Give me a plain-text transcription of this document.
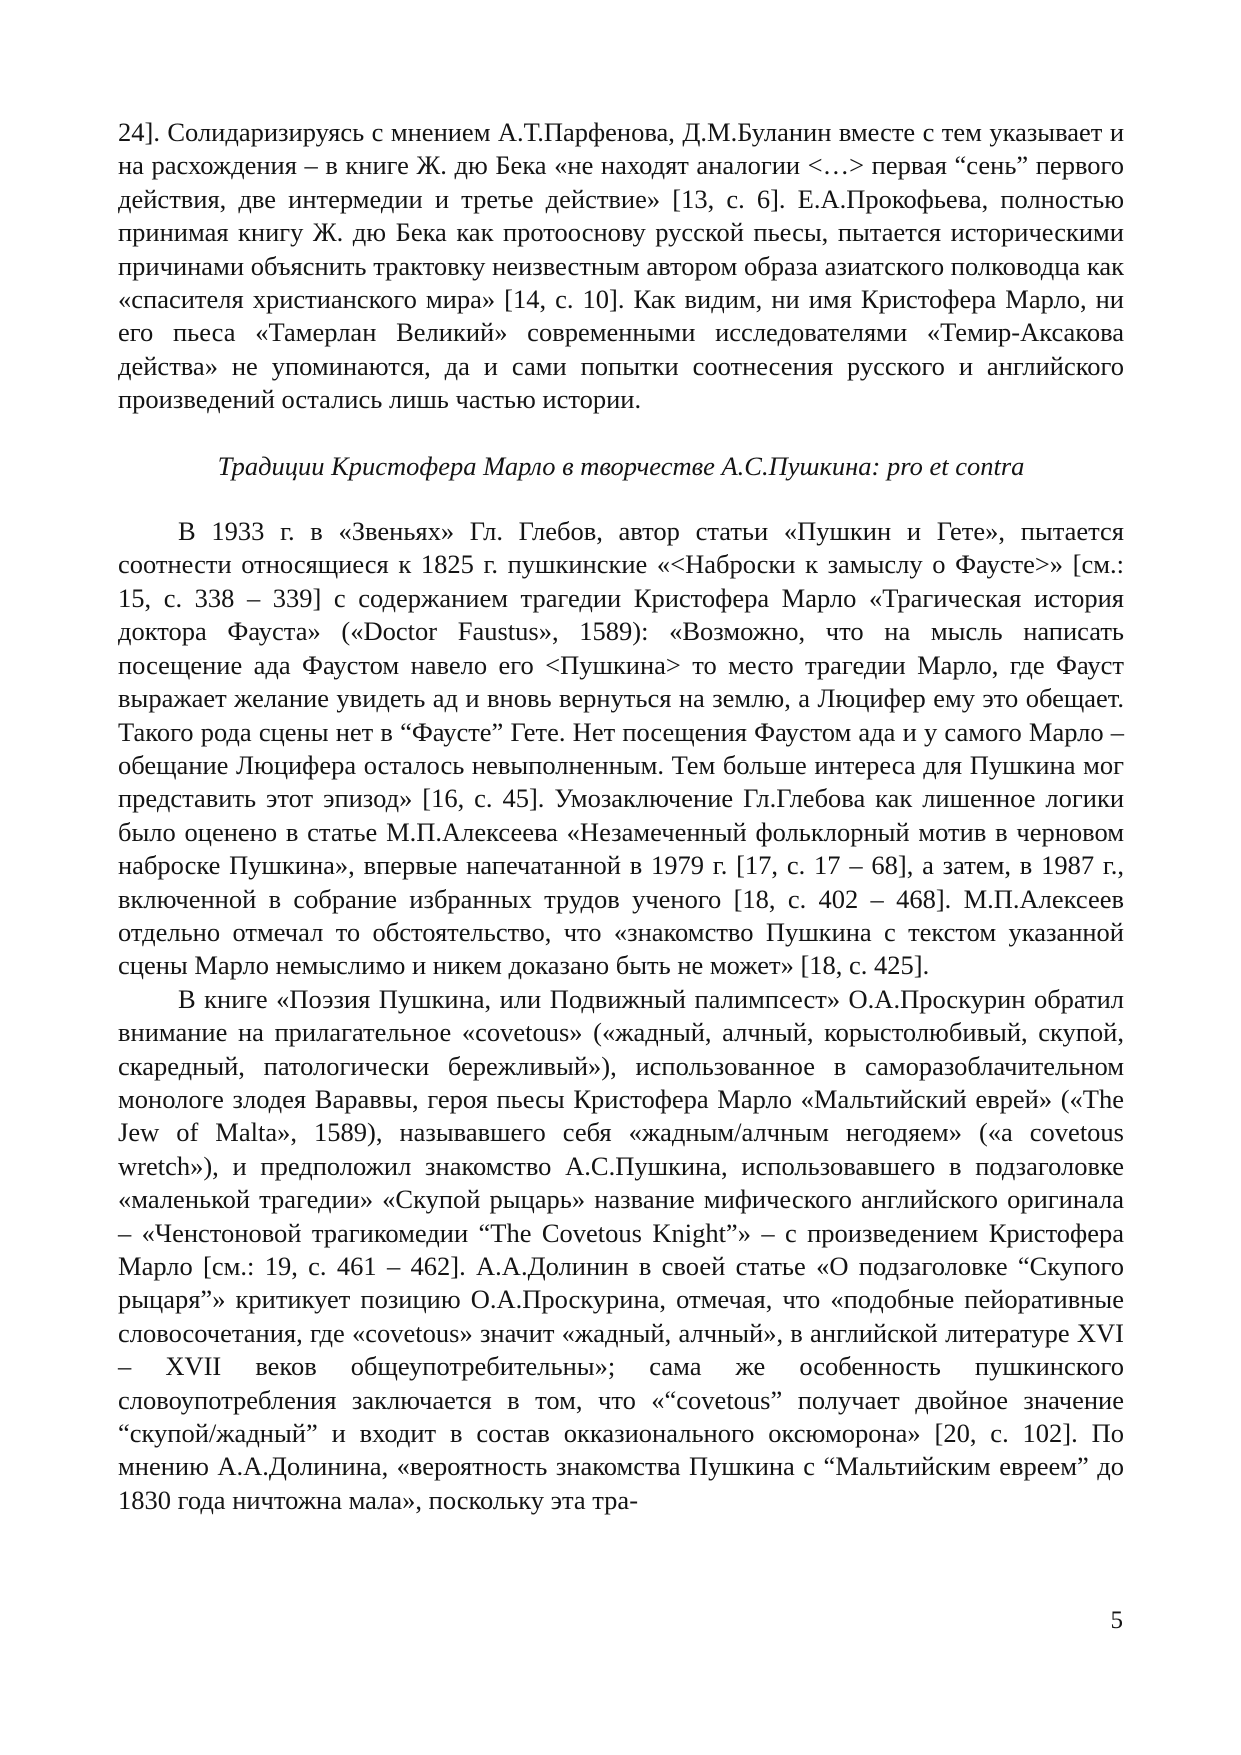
24]. Солидаризируясь с мнением А.Т.Парфенова, Д.М.Буланин вместе с тем указывает и на расхождения – в книге Ж. дю Бека «не находят аналогии <…> первая “сень” первого действия, две интермедии и третье действие» [13, с. 6]. Е.А.Прокофьева, полностью принимая книгу Ж. дю Бека как протооснову русской пьесы, пытается историческими причинами объяснить трактовку неизвестным автором образа азиатского полководца как «спасителя христианского мира» [14, с. 10]. Как видим, ни имя Кристофера Марло, ни его пьеса «Тамерлан Великий» современными исследователями «Темир-Аксакова действа» не упоминаются, да и сами попытки соотнесения русского и английского произведений остались лишь частью истории.

Традиции Кристофера Марло в творчестве А.С.Пушкина: pro et contra

В 1933 г. в «Звеньях» Гл. Глебов, автор статьи «Пушкин и Гете», пытается соотнести относящиеся к 1825 г. пушкинские «<Наброски к замыслу о Фаусте>» [см.: 15, с. 338 – 339] с содержанием трагедии Кристофера Марло «Трагическая история доктора Фауста» («Doctor Faustus», 1589): «Возможно, что на мысль написать посещение ада Фаустом навело его <Пушкина> то место трагедии Марло, где Фауст выражает желание увидеть ад и вновь вернуться на землю, а Люцифер ему это обещает. Такого рода сцены нет в “Фаусте” Гете. Нет посещения Фаустом ада и у самого Марло – обещание Люцифера осталось невыполненным. Тем больше интереса для Пушкина мог представить этот эпизод» [16, с. 45]. Умозаключение Гл.Глебова как лишенное логики было оценено в статье М.П.Алексеева «Незамеченный фольклорный мотив в черновом наброске Пушкина», впервые напечатанной в 1979 г. [17, с. 17 – 68], а затем, в 1987 г., включенной в собрание избранных трудов ученого [18, с. 402 – 468]. М.П.Алексеев отдельно отмечал то обстоятельство, что «знакомство Пушкина с текстом указанной сцены Марло немыслимо и никем доказано быть не может» [18, с. 425].

В книге «Поэзия Пушкина, или Подвижный палимпсест» О.А.Проскурин обратил внимание на прилагательное «covetous» («жадный, алчный, корыстолюбивый, скупой, скаредный, патологически бережливый»), использованное в саморазоблачительном монологе злодея Вараввы, героя пьесы Кристофера Марло «Мальтийский еврей» («The Jew of Malta», 1589), называвшего себя «жадным/алчным негодяем» («a covetous wretch»), и предположил знакомство А.С.Пушкина, использовавшего в подзаголовке «маленькой трагедии» «Скупой рыцарь» название мифического английского оригинала – «Ченстоновой трагикомедии “The Covetous Knight”» – с произведением Кристофера Марло [см.: 19, с. 461 – 462]. А.А.Долинин в своей статье «О подзаголовке “Скупого рыцаря”» критикует позицию О.А.Проскурина, отмечая, что «подобные пейоративные словосочетания, где «covetous» значит «жадный, алчный», в английской литературе XVI – XVII веков общеупотребительны»; сама же особенность пушкинского словоупотребления заключается в том, что «“covetous” получает двойное значение “скупой/жадный” и входит в состав окказионального оксюморона» [20, с. 102]. По мнению А.А.Долинина, «вероятность знакомства Пушкина с “Мальтийским евреем” до 1830 года ничтожна мала», поскольку эта тра-

5
